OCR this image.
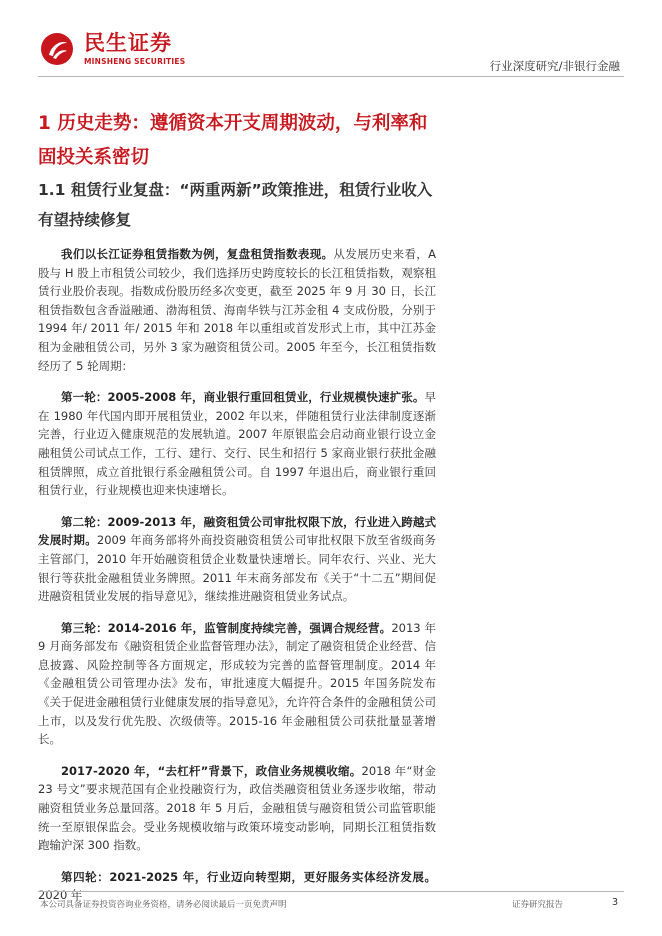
民生证券
MINSHENG SECURITIES	行业深度研究/非银行金融
1 历史走势：遵循资本开支周期波动，与利率和固投关系密切
1.1 租赁行业复盘：“两重两新”政策推进，租赁行业收入有望持续修复

我们以长江证券租赁指数为例，复盘租赁指数表现。从发展历史来看，A 股与 H 股上市租赁公司较少，我们选择历史跨度较长的长江租赁指数，观察租赁行业股价表现。指数成份股历经多次变更，截至 2025 年 9 月 30 日，长江租赁指数包含香溢融通、渤海租赁、海南华铁与江苏金租 4 支成份股，分别于 1994 年/ 2011 年/ 2015 年和 2018 年以重组或首发形式上市，其中江苏金租为金融租赁公司，另外 3 家为融资租赁公司。2005 年至今，长江租赁指数经历了 5 轮周期：

第一轮：2005-2008 年，商业银行重回租赁业，行业规模快速扩张。早在 1980 年代国内即开展租赁业，2002 年以来，伴随租赁行业法律制度逐渐完善，行业迈入健康规范的发展轨道。2007 年原银监会启动商业银行设立金融租赁公司试点工作，工行、建行、交行、民生和招行 5 家商业银行获批金融租赁牌照，成立首批银行系金融租赁公司。自 1997 年退出后，商业银行重回租赁行业，行业规模也迎来快速增长。

第二轮：2009-2013 年，融资租赁公司审批权限下放，行业进入跨越式发展时期。2009 年商务部将外商投资融资租赁公司审批权限下放至省级商务主管部门，2010 年开始融资租赁企业数量快速增长。同年农行、兴业、光大银行等获批金融租赁业务牌照。2011 年末商务部发布《关于“十二五”期间促进融资租赁业发展的指导意见》，继续推进融资租赁业务试点。

第三轮：2014-2016 年，监管制度持续完善，强调合规经营。2013 年 9 月商务部发布《融资租赁企业监督管理办法》，制定了融资租赁企业经营、信息披露、风险控制等各方面规定，形成较为完善的监督管理制度。2014 年《金融租赁公司管理办法》发布，审批速度大幅提升。2015 年国务院发布《关于促进金融租赁行业健康发展的指导意见》，允许符合条件的金融租赁公司上市，以及发行优先股、次级债等。2015-16 年金融租赁公司获批量显著增长。

2017-2020 年，“去杠杆”背景下，政信业务规模收缩。2018 年“财金 23 号文”要求规范国有企业投融资行为，政信类融资租赁业务逐步收缩，带动融资租赁业务总量回落。2018 年 5 月后，金融租赁与融资租赁公司监管职能统一至原银保监会。受业务规模收缩与政策环境变动影响，同期长江租赁指数跑输沪深 300 指数。

第四轮：2021-2025 年，行业迈向转型期，更好服务实体经济发展。2020 年

本公司具备证券投资咨询业务资格，请务必阅读最后一页免责声明	证券研究报告	3
